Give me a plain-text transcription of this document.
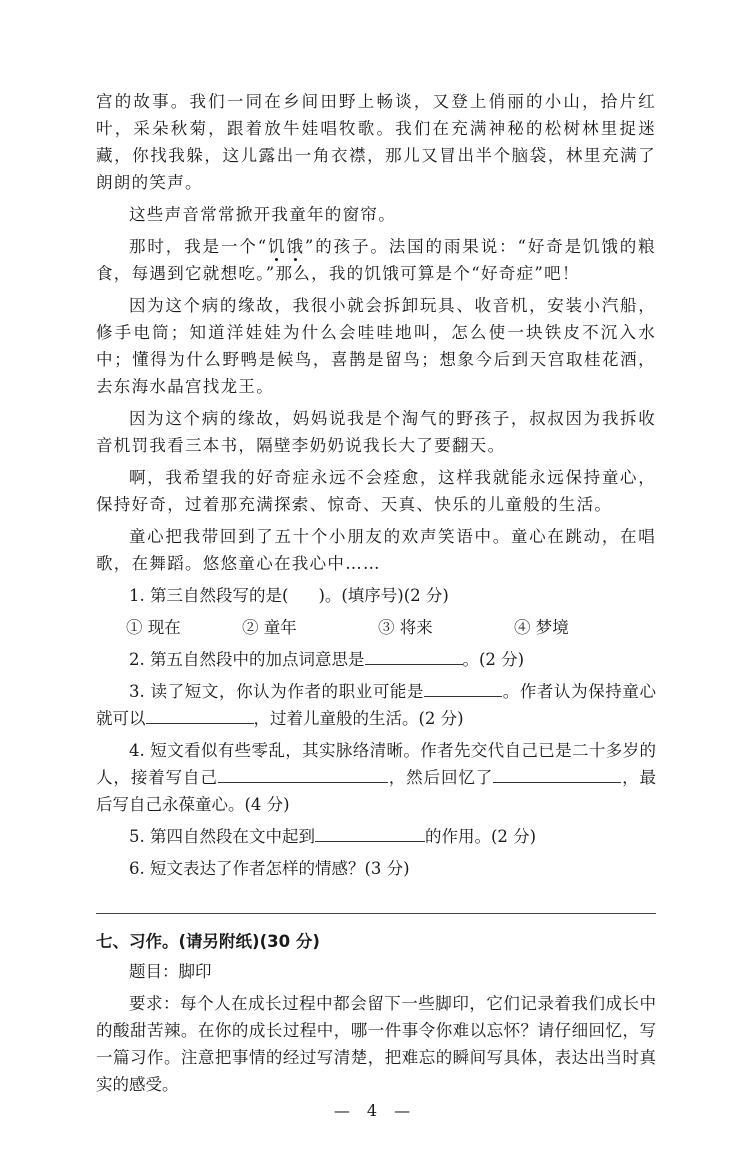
宫的故事。我们一同在乡间田野上畅谈，又登上俏丽的小山，拾片红叶，采朵秋菊，跟着放牛娃唱牧歌。我们在充满神秘的松树林里捉迷藏，你找我躲，这儿露出一角衣襟，那儿又冒出半个脑袋，林里充满了朗朗的笑声。

这些声音常常掀开我童年的窗帘。

那时，我是一个“饥饿”的孩子。法国的雨果说：“好奇是饥饿的粮食，每遇到它就想吃。”那么，我的饥饿可算是个“好奇症”吧！

因为这个病的缘故，我很小就会拆卸玩具、收音机，安装小汽船，修手电筒；知道洋娃娃为什么会哇哇地叫，怎么使一块铁皮不沉入水中；懂得为什么野鸭是候鸟，喜鹊是留鸟；想象今后到天宫取桂花酒，去东海水晶宫找龙王。

因为这个病的缘故，妈妈说我是个淘气的野孩子，叔叔因为我拆收音机罚我看三本书，隔壁李奶奶说我长大了要翻天。

啊，我希望我的好奇症永远不会痊愈，这样我就能永远保持童心，保持好奇，过着那充满探索、惊奇、天真、快乐的儿童般的生活。

童心把我带回到了五十个小朋友的欢声笑语中。童心在跳动，在唱歌，在舞蹈。悠悠童心在我心中……

1. 第三自然段写的是( )。(填序号)(2 分)

① 现在	② 童年	③ 将来	④ 梦境

2. 第五自然段中的加点词意思是	。(2 分)

3. 读了短文，你认为作者的职业可能是	。作者认为保持童心就可以	，过着儿童般的生活。(2 分)

4. 短文看似有些零乱，其实脉络清晰。作者先交代自己已是二十多岁的人，接着写自己	，然后回忆了	，最后写自己永葆童心。(4 分)

5. 第四自然段在文中起到	的作用。(2 分)

6. 短文表达了作者怎样的情感？(3 分)

七、习作。(请另附纸)(30 分)

题目：脚印

要求：每个人在成长过程中都会留下一些脚印，它们记录着我们成长中的酸甜苦辣。在你的成长过程中，哪一件事令你难以忘怀？请仔细回忆，写一篇习作。注意把事情的经过写清楚，把难忘的瞬间写具体，表达出当时真实的感受。

— 4 —
